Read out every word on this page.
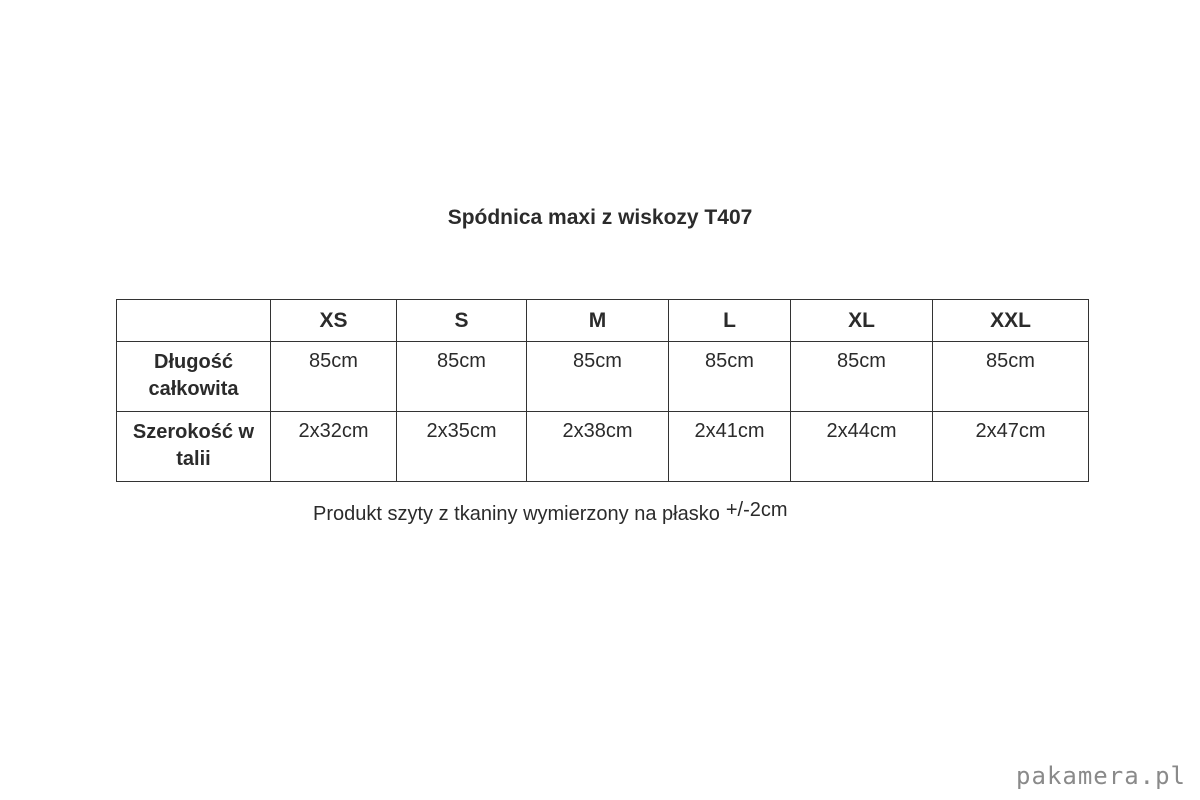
Spódnica maxi z wiskozy T407
	XS	S	M	L	XL	XXL
Długość
całkowita	85cm	85cm	85cm	85cm	85cm	85cm
Szerokość w
talii	2x32cm	2x35cm	2x38cm	2x41cm	2x44cm	2x47cm
Produkt szyty z tkaniny wymierzony na płasko +/-2cm
pakamera.pl
